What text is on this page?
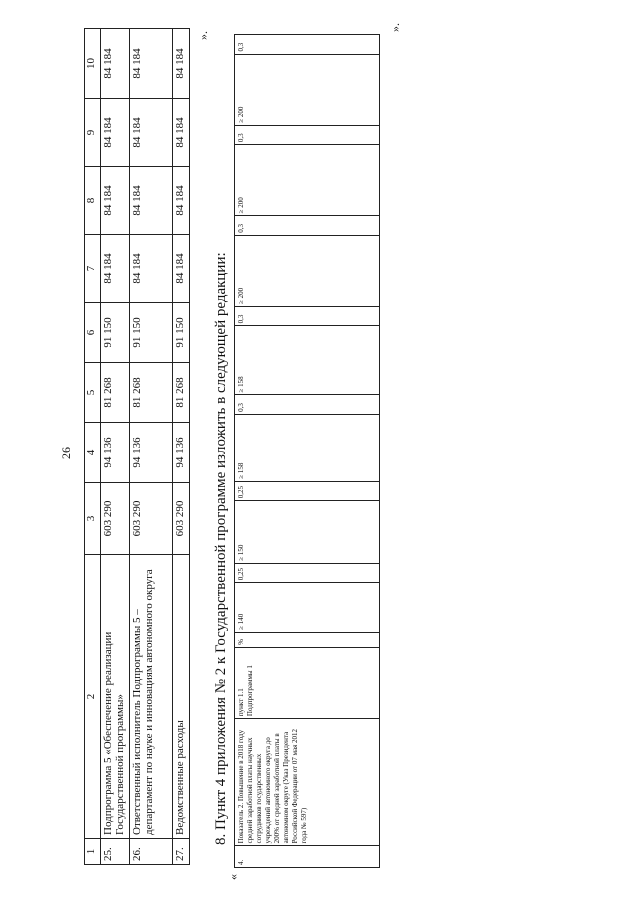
26
1	2	3	4	5	6	7	8	9	10
25.	Подпрограмма 5 «Обеспечение реализации Государственной программы»	603 290	94 136	81 268	91 150	84 184	84 184	84 184	84 184
26.	Ответственный исполнитель Подпрограммы 5 – департамент по науке и инновациям автономного округа	603 290	94 136	81 268	91 150	84 184	84 184	84 184	84 184
27.	Ведомственные расходы	603 290	94 136	81 268	91 150	84 184	84 184	84 184	84 184
».
8. Пункт 4 приложения № 2 к Государственной программе изложить в следующей редакции:
«
4.	Показатель 2. Повышение в 2018 году средней заработной платы научных сотрудников государственных учреждений автономного округа до 200% от средней заработной платы в автономном округе (Указ Президента Российской Федерации от 07 мая 2012 года № 597)	пункт 1.1 Подпрограммы 1	%	≥ 140	0,25	≥ 150	0,25	≥ 158	0,3	≥ 158	0,3	≥ 200	0,3	≥ 200	0,3	≥ 200	0,3
».
